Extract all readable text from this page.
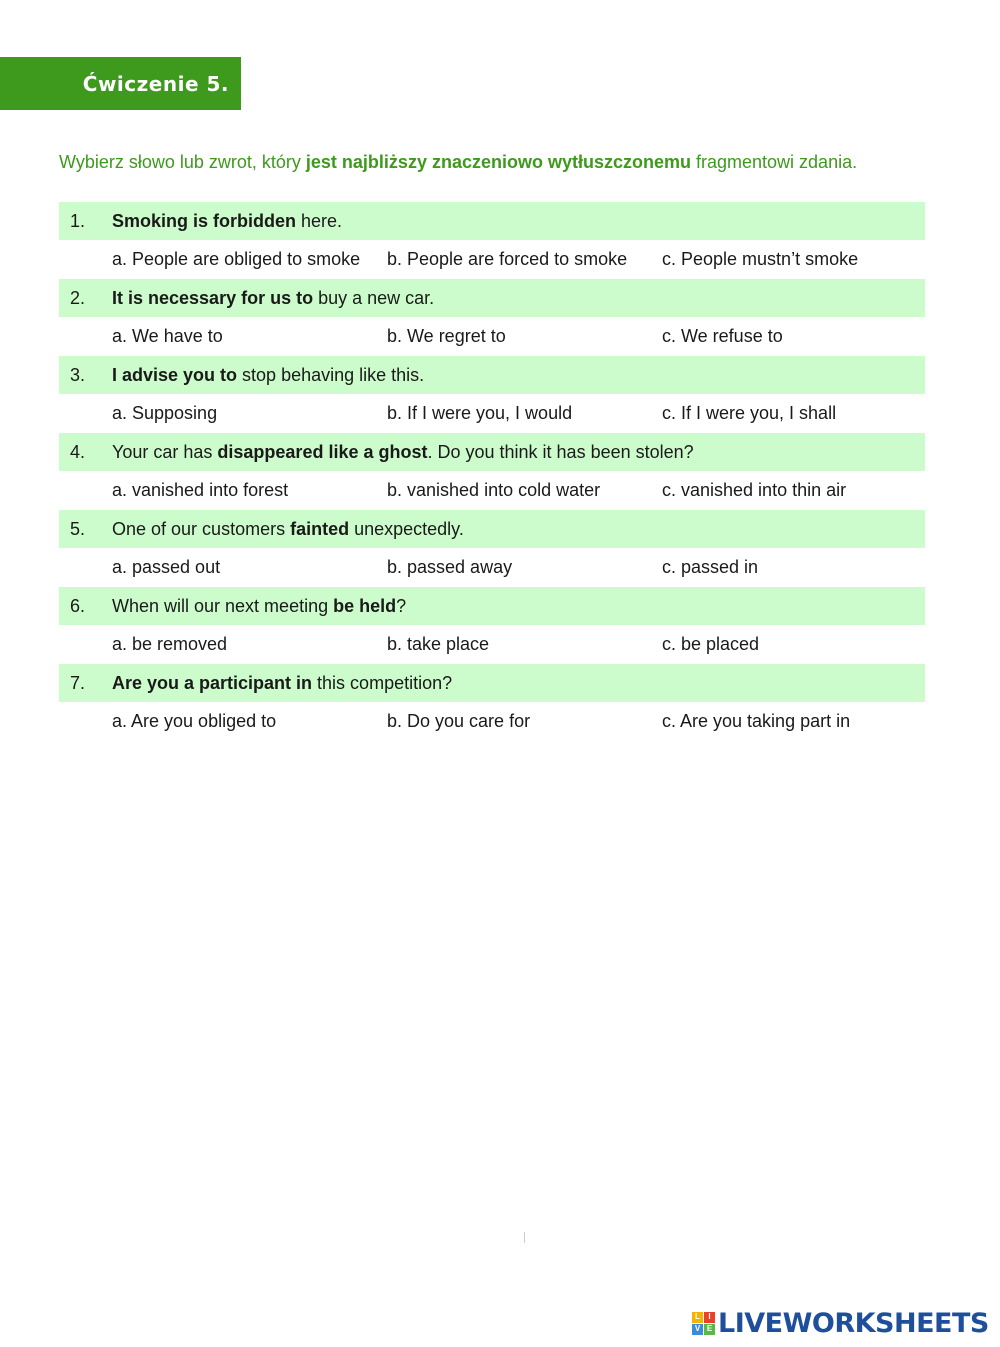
Ćwiczenie 5.
Wybierz słowo lub zwrot, który jest najbliższy znaczeniowo wytłuszczonemu fragmentowi zdania.
1.	Smoking is forbidden here.
a. People are obliged to smoke b. People are forced to smoke c. People mustn’t smoke
2.	It is necessary for us to buy a new car.
a. We have to	b. We regret to	c. We refuse to
3.	I advise you to stop behaving like this.
a. Supposing	b. If I were you, I would	c. If I were you, I shall
4.	Your car has disappeared like a ghost. Do you think it has been stolen?
a. vanished into forest	b. vanished into cold water	c. vanished into thin air
5.	One of our customers fainted unexpectedly.
a. passed out	b. passed away	c. passed in
6.	When will our next meeting be held?
a. be removed	b. take place	c. be placed
7.	Are you a participant in this competition?
a. Are you obliged to	b. Do you care for	c. Are you taking part in
L	I
V E LIVEWORKSHEETS
